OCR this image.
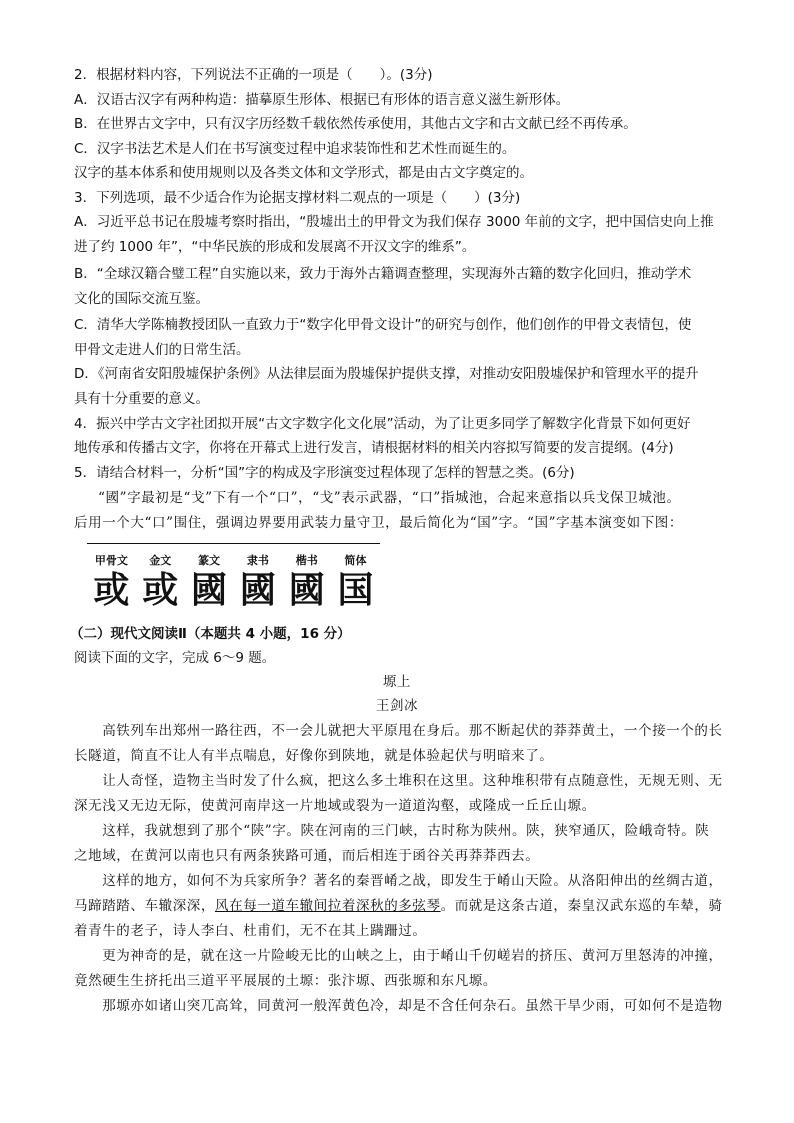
2．根据材料内容，下列说法不正确的一项是（　　）。(3分)
A．汉语古汉字有两种构造：描摹原生形体、根据已有形体的语言意义滋生新形体。
B．在世界古文字中，只有汉字历经数千载依然传承使用，其他古文字和古文献已经不再传承。
C．汉字书法艺术是人们在书写演变过程中追求装饰性和艺术性而诞生的。
汉字的基本体系和使用规则以及各类文体和文学形式，都是由古文字奠定的。
3．下列选项，最不少适合作为论据支撑材料二观点的一项是（　　）(3分)
A．习近平总书记在殷墟考察时指出，“殷墟出土的甲骨文为我们保存 3000 年前的文字，把中国信史向上推
进了约 1000 年”，“中华民族的形成和发展离不开汉文字的维系”。
B．“全球汉籍合璧工程”自实施以来，致力于海外古籍调查整理，实现海外古籍的数字化回归，推动学术
文化的国际交流互鉴。
C．清华大学陈楠教授团队一直致力于“数字化甲骨文设计”的研究与创作，他们创作的甲骨文表情包，使
甲骨文走进人们的日常生活。
D．《河南省安阳殷墟保护条例》从法律层面为殷墟保护提供支撑，对推动安阳殷墟保护和管理水平的提升
具有十分重要的意义。
4．振兴中学古文字社团拟开展“古文字数字化文化展”活动，为了让更多同学了解数字化背景下如何更好
地传承和传播古文字，你将在开幕式上进行发言，请根据材料的相关内容拟写简要的发言提纲。(4分)
5．请结合材料一，分析“国”字的构成及字形演变过程体现了怎样的智慧之类。(6分)
“國”字最初是“戈”下有一个“口”，“戈”表示武器，“口”指城池，合起来意指以兵戈保卫城池。
后用一个大“口”围住，强调边界要用武装力量守卫，最后简化为“国”字。“国”字基本演变如下图：
甲骨文	金文	篆文	隶书	楷书	简体
或 或 國 國 國 国
（二）现代文阅读Ⅱ（本题共 4 小题，16 分）
阅读下面的文字，完成 6～9 题。
塬上
王剑冰
　　高铁列车出郑州一路往西，不一会儿就把大平原甩在身后。那不断起伏的莽莽黄土，一个接一个的长
长隧道，简直不让人有半点喘息，好像你到陕地，就是体验起伏与明暗来了。
　　让人奇怪，造物主当时发了什么疯，把这么多土堆积在这里。这种堆积带有点随意性，无规无则、无
深无浅又无边无际，使黄河南岸这一片地域或裂为一道道沟壑，或隆成一丘丘山塬。
　　这样，我就想到了那个“陕”字。陕在河南的三门峡，古时称为陕州。陕，狭窄通仄，险峨奇特。陕
之地域，在黄河以南也只有两条狭路可通，而后相连于函谷关再莽莽西去。
　　这样的地方，如何不为兵家所争？著名的秦晋崤之战，即发生于崤山天险。从洛阳伸出的丝绸古道，
马蹄踏踏、车辙深深，风在每一道车辙间拉着深秋的多弦琴。而就是这条古道，秦皇汉武东巡的车辇，骑
着青牛的老子，诗人李白、杜甫们，无不在其上蹒跚过。
　　更为神奇的是，就在这一片险峻无比的山峡之上，由于崤山千仞嵯岩的挤压、黄河万里怒涛的冲撞，
竟然硬生生挤托出三道平平展展的土塬：张汴塬、西张塬和东凡塬。
　　那塬亦如诸山突兀高耸，同黄河一般浑黄色冷，却是不含任何杂石。虽然干旱少雨，可如何不是造物
